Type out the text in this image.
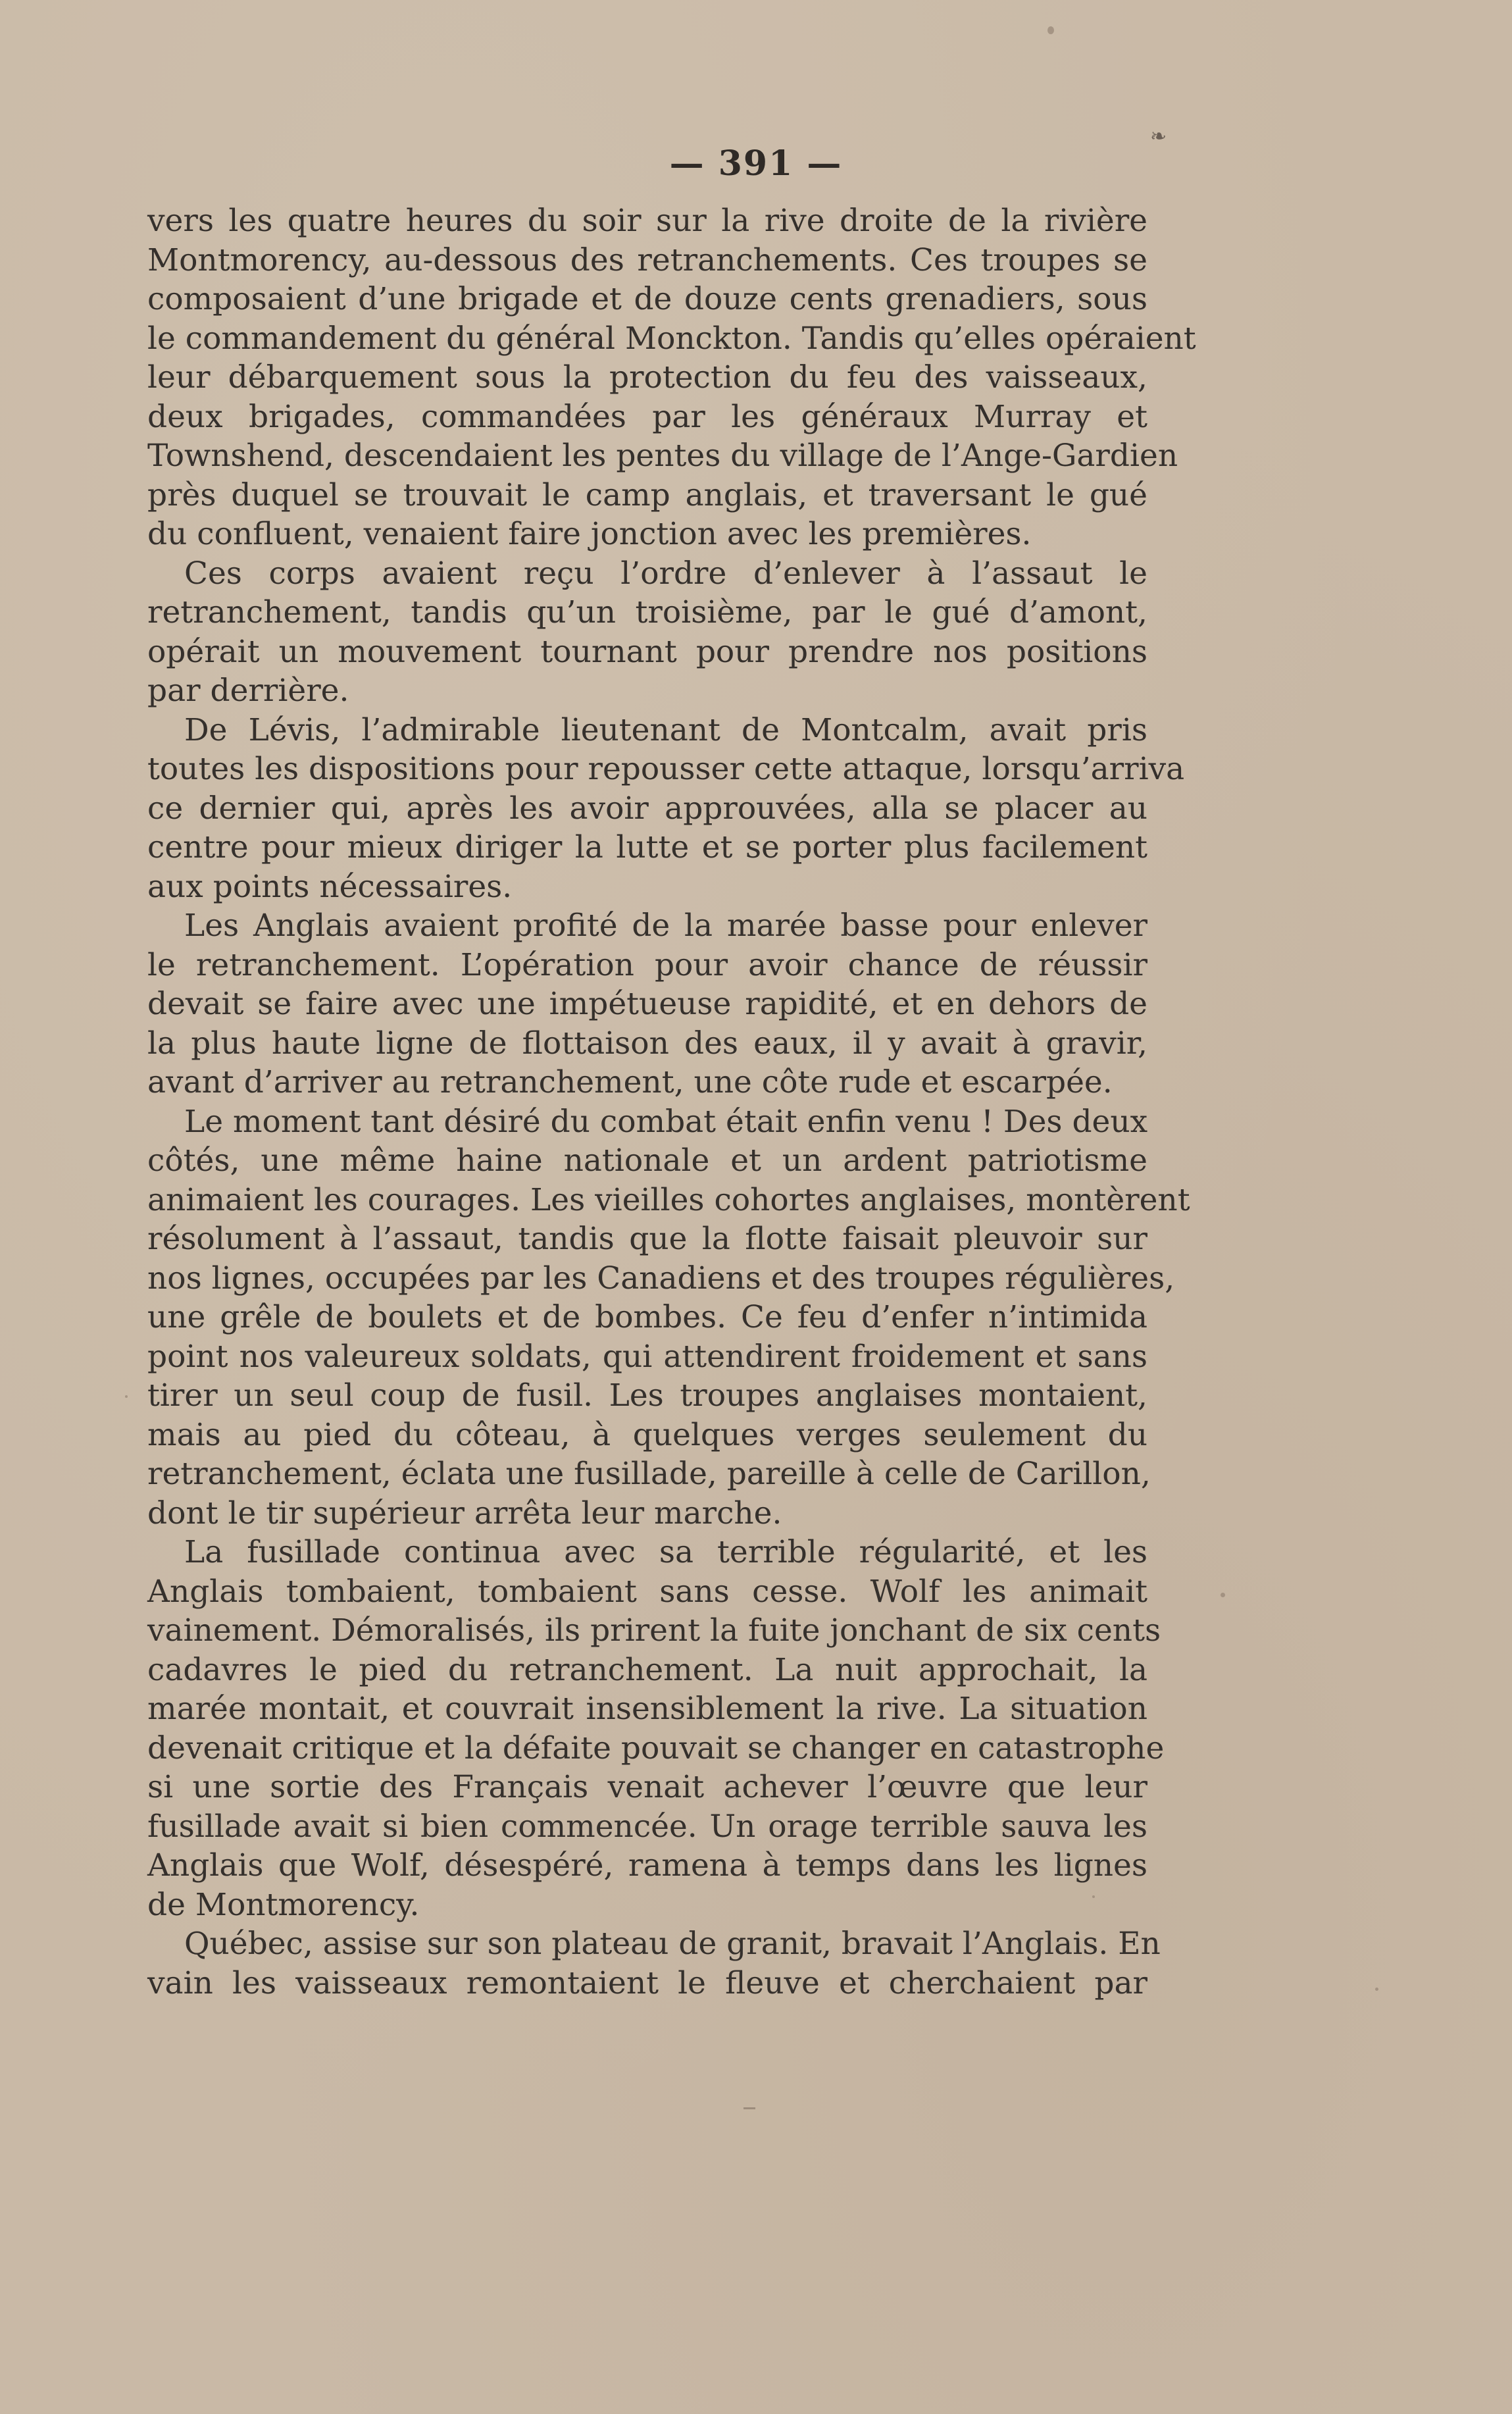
— 391 —
❧
vers les quatre heures du soir sur la rive droite de la rivière
Montmorency, au-dessous des retranchements. Ces troupes se
composaient d’une brigade et de douze cents grenadiers, sous
le commandement du général Monckton. Tandis qu’elles opéraient
leur débarquement sous la protection du feu des vaisseaux,
deux brigades, commandées par les généraux Murray et
Townshend, descendaient les pentes du village de l’Ange-Gardien
près duquel se trouvait le camp anglais, et traversant le gué
du confluent, venaient faire jonction avec les premières.
Ces corps avaient reçu l’ordre d’enlever à l’assaut le
retranchement, tandis qu’un troisième, par le gué d’amont,
opérait un mouvement tournant pour prendre nos positions
par derrière.
De Lévis, l’admirable lieutenant de Montcalm, avait pris
toutes les dispositions pour repousser cette attaque, lorsqu’arriva
ce dernier qui, après les avoir approuvées, alla se placer au
centre pour mieux diriger la lutte et se porter plus facilement
aux points nécessaires.
Les Anglais avaient profité de la marée basse pour enlever
le retranchement. L’opération pour avoir chance de réussir
devait se faire avec une impétueuse rapidité, et en dehors de
la plus haute ligne de flottaison des eaux, il y avait à gravir,
avant d’arriver au retranchement, une côte rude et escarpée.
Le moment tant désiré du combat était enfin venu ! Des deux
côtés, une même haine nationale et un ardent patriotisme
animaient les courages. Les vieilles cohortes anglaises, montèrent
résolument à l’assaut, tandis que la flotte faisait pleuvoir sur
nos lignes, occupées par les Canadiens et des troupes régulières,
une grêle de boulets et de bombes. Ce feu d’enfer n’intimida
point nos valeureux soldats, qui attendirent froidement et sans
tirer un seul coup de fusil. Les troupes anglaises montaient,
mais au pied du côteau, à quelques verges seulement du
retranchement, éclata une fusillade, pareille à celle de Carillon,
dont le tir supérieur arrêta leur marche.
La fusillade continua avec sa terrible régularité, et les
Anglais tombaient, tombaient sans cesse. Wolf les animait
vainement. Démoralisés, ils prirent la fuite jonchant de six cents
cadavres le pied du retranchement. La nuit approchait, la
marée montait, et couvrait insensiblement la rive. La situation
devenait critique et la défaite pouvait se changer en catastrophe
si une sortie des Français venait achever l’œuvre que leur
fusillade avait si bien commencée. Un orage terrible sauva les
Anglais que Wolf, désespéré, ramena à temps dans les lignes
de Montmorency.
Québec, assise sur son plateau de granit, bravait l’Anglais. En
vain les vaisseaux remontaient le fleuve et cherchaient par
